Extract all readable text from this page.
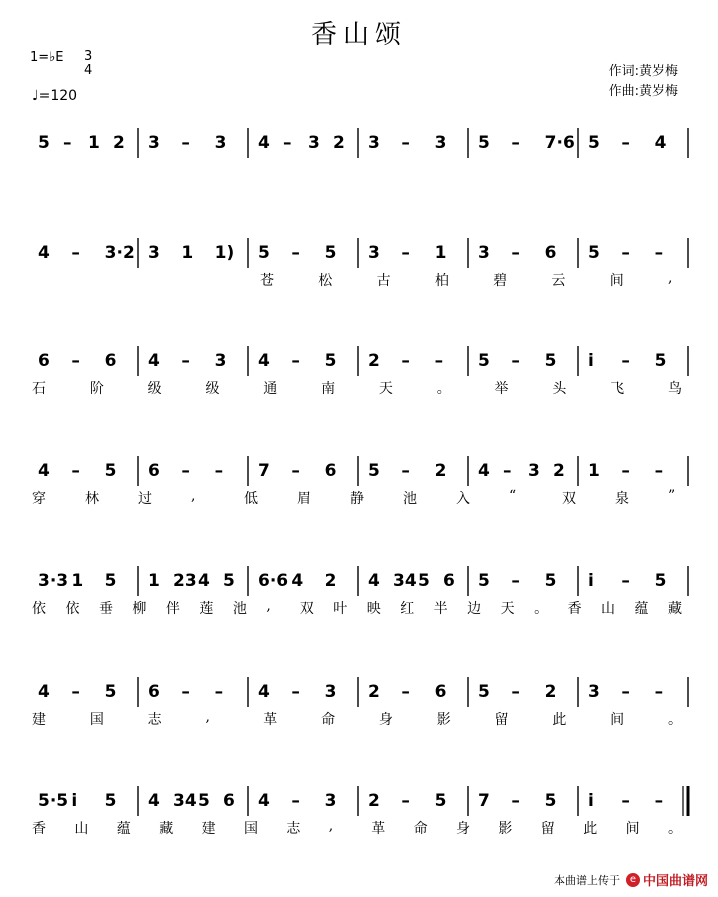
香山颂
1=♭E 3
4
♩=120
作词:黄岁梅
作曲:黄岁梅
5 – 1 2 3 – 3 4 – 3 2 3 – 3 5 – 7·6 5 – 4
4 – 3·2 3 1 1) 5 – 5 3 – 1 3 – 6 5 – –
苍	松	古	柏	碧	云	间	,
6 – 6 4 – 3 4 – 5 2 – – 5 – 5 i – 5
石	阶	级	级	通	南	天	。	举	头	飞	鸟
4 – 5 6 – – 7 – 6 5 – 2 4 – 3 2 1 – –
穿	林	过	,	低	眉	静	池	入	“	双	泉	”
3·3 1 5 1 23 4 5 6·6 4 2 4 34 5 6 5 – 5 i – 5
依 依 垂 柳 伴 莲 池 , 双 叶 映 红 半 边 天 。 香 山 蕴 藏
4 – 5 6 – – 4 – 3 2 – 6 5 – 2 3 – –
建	国	志	,	革	命	身	影	留	此	间	。
5·5 i 5 4 34 5 6 4 – 3 2 – 5 7 – 5 i – –
香 山 蕴 藏 建 国 志 ,	革 命 身 影 留 此 间 。
本曲谱上传于 e 中国曲谱网
